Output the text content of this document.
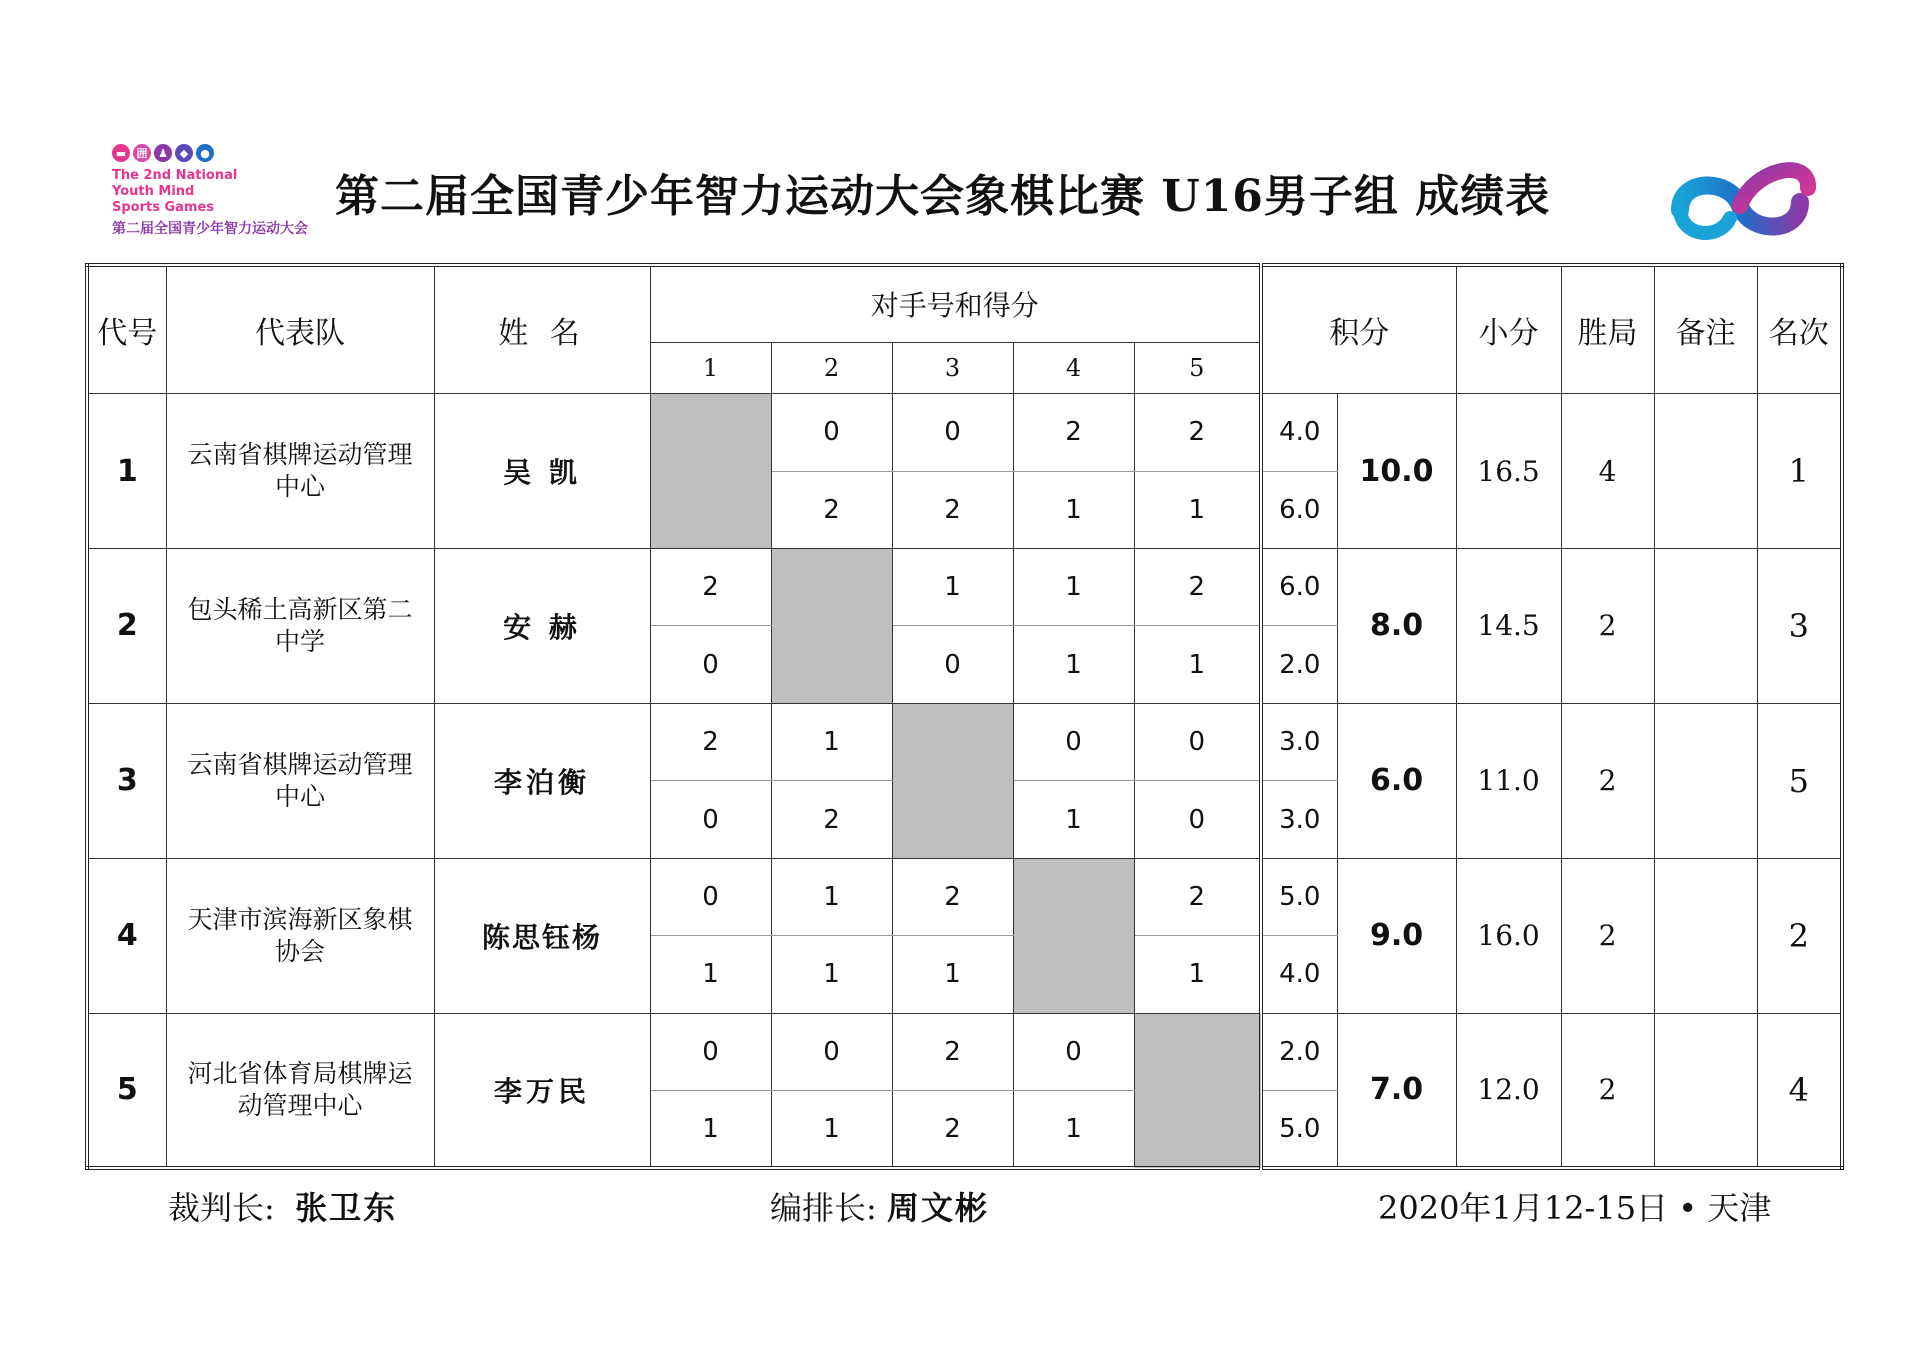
▬ 囲 ♟	◆	●
The 2nd National
Youth Mind
Sports Games
第二届全国青少年智力运动大会
第二届全国青少年智力运动大会象棋比赛 U16男子组 成绩表
代号	代表队	姓 名	对手号和得分					积分		小分	胜局	备注	名次
			1	2	3	4	5						
1	云南省棋牌运动管理
中心	吴 凯		0	0	2	2	4.0	10.0	16.5	4		1
				2	2	1	1	6.0					
2	包头稀土高新区第二
中学	安 赫	2		1	1	2	6.0	8.0	14.5	2		3
			0		0	1	1	2.0					
3	云南省棋牌运动管理
中心	李泊衡	2	1		0	0	3.0	6.0	11.0	2		5
			0	2		1	0	3.0					
4	天津市滨海新区象棋
协会	陈思钰杨	0	1	2		2	5.0	9.0	16.0	2		2
			1	1	1		1	4.0					
5	河北省体育局棋牌运
动管理中心	李万民	0	0	2	0		2.0	7.0	12.0	2		4
			1	1	2	1		5.0					
裁判长: 张卫东	编排长: 周文彬	2020年1月12-15日 • 天津
